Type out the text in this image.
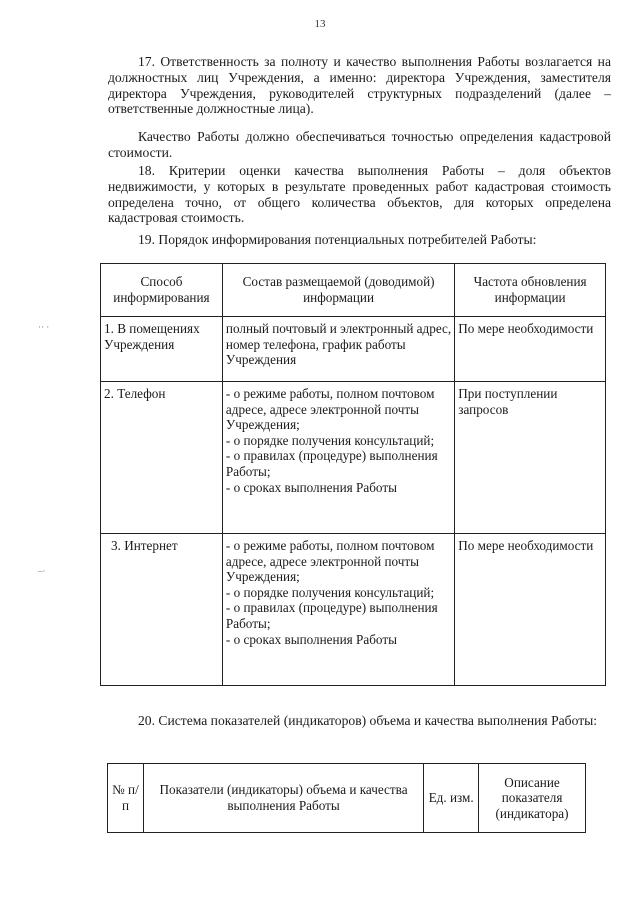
13
·· ·
–·

17. Ответственность за полноту и качество выполнения Работы возлагается на должностных лиц Учреждения, а именно: директора Учреждения, заместителя директора Учреждения, руководителей структурных подразделений (далее – ответственные должностные лица).

Качество Работы должно обеспечиваться точностью определения кадастровой стоимости.

18. Критерии оценки качества выполнения Работы – доля объектов недвижимости, у которых в результате проведенных работ кадастровая стоимость определена точно, от общего количества объектов, для которых определена кадастровая стоимость.

19. Порядок информирования потенциальных потребителей Работы:

Способ информирования	Состав размещаемой (доводимой) информации	Частота обновления информации
1. В помещениях Учреждения	полный почтовый и электронный адрес, номер телефона, график работы Учреждения	По мере необходимости
2. Телефон	- о режиме работы, полном почтовом адресе, адресе электронной почты Учреждения;
- о порядке получения консультаций;
- о правилах (процедуре) выполнения Работы;
- о сроках выполнения Работы	При поступлении запросов
3. Интернет	- о режиме работы, полном почтовом адресе, адресе электронной почты Учреждения;
- о порядке получения консультаций;
- о правилах (процедуре) выполнения Работы;
- о сроках выполнения Работы	По мере необходимости

20. Система показателей (индикаторов) объема и качества выполнения Работы:

№ п/п	Показатели (индикаторы) объема и качества выполнения Работы	Ед. изм.	Описание показателя (индикатора)
